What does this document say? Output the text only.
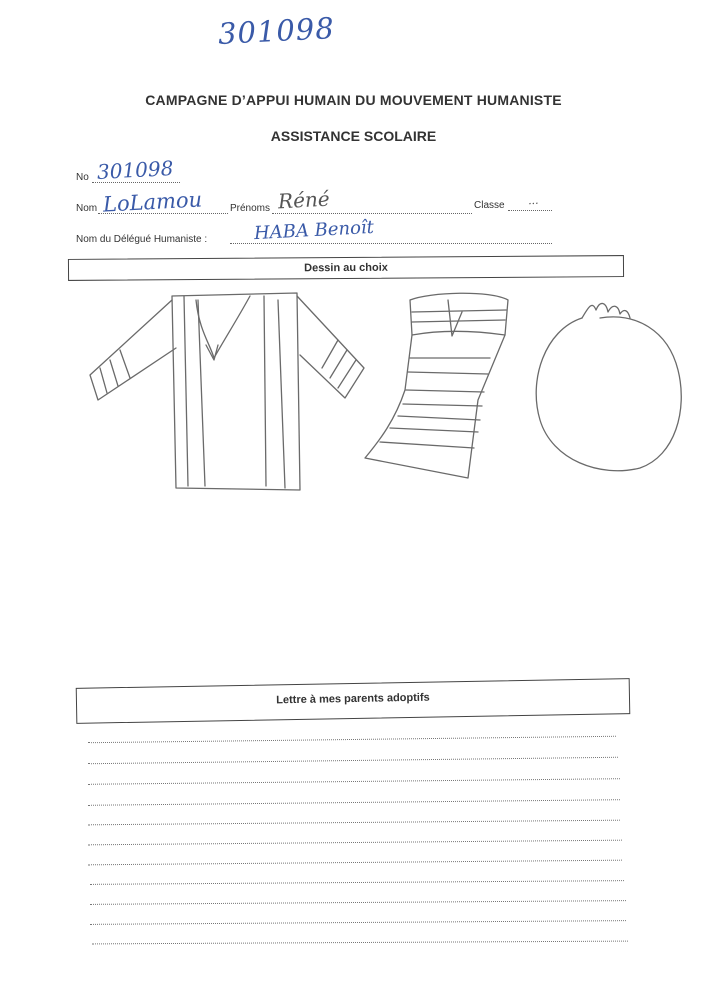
301098
CAMPAGNE D’APPUI HUMAIN DU MOUVEMENT HUMANISTE
ASSISTANCE SCOLAIRE
No 301098
Nom LoLamou	Prénoms Réné	Classe ...
Nom du Délégué Humaniste :	HABA Benoît
Dessin au choix
Lettre à mes parents adoptifs
